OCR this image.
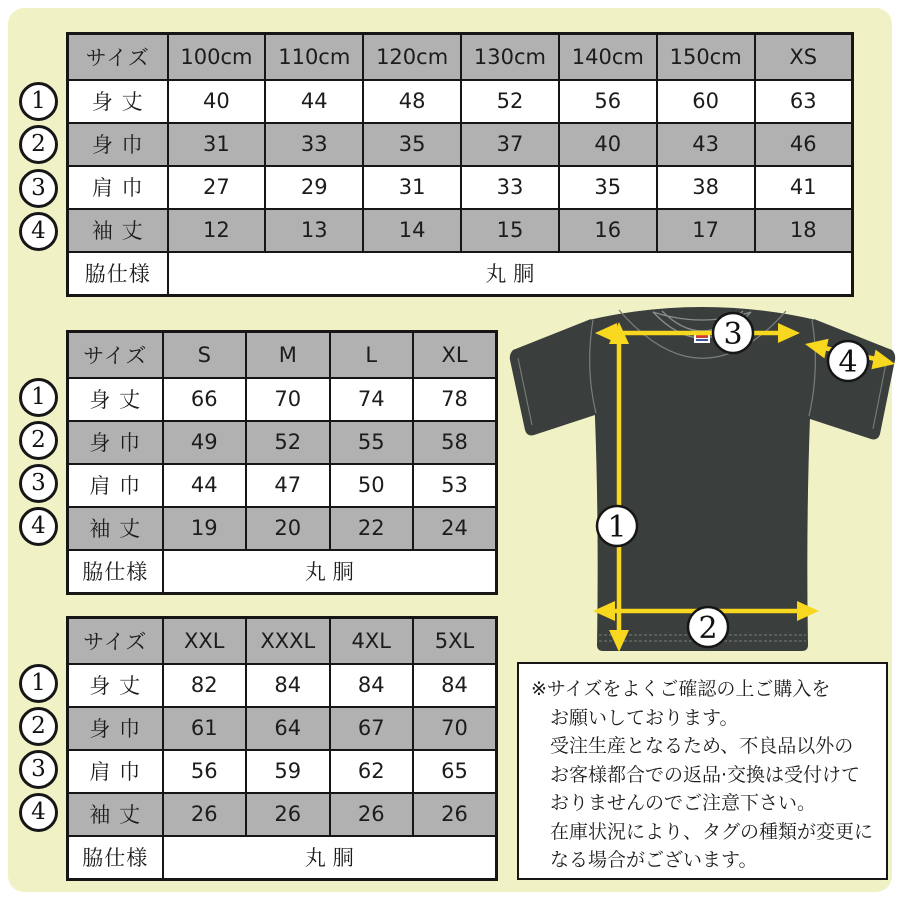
サイズ	100cm	110cm	120cm	130cm	140cm	150cm	XS
身 丈	40	44	48	52	56	60	63
身 巾	31	33	35	37	40	43	46
肩 巾	27	29	31	33	35	38	41
袖 丈	12	13	14	15	16	17	18
脇仕様	丸 胴						
サイズ	S	M	L	XL
身 丈	66	70	74	78
身 巾	49	52	55	58
肩 巾	44	47	50	53
袖 丈	19	20	22	24
脇仕様	丸 胴			
サイズ	XXL	XXXL	4XL	5XL
身 丈	82	84	84	84
身 巾	61	64	67	70
肩 巾	56	59	62	65
袖 丈	26	26	26	26
脇仕様	丸 胴			
1
2
3
4
1
2
3
4
1
2
3
4
1
2
3
4
※サイズをよくご確認の上ご購入を
お願いしております。
受注生産となるため、不良品以外の
お客様都合での返品·交換は受付けて
おりませんのでご注意下さい。
在庫状況により、タグの種類が変更に
なる場合がございます。
